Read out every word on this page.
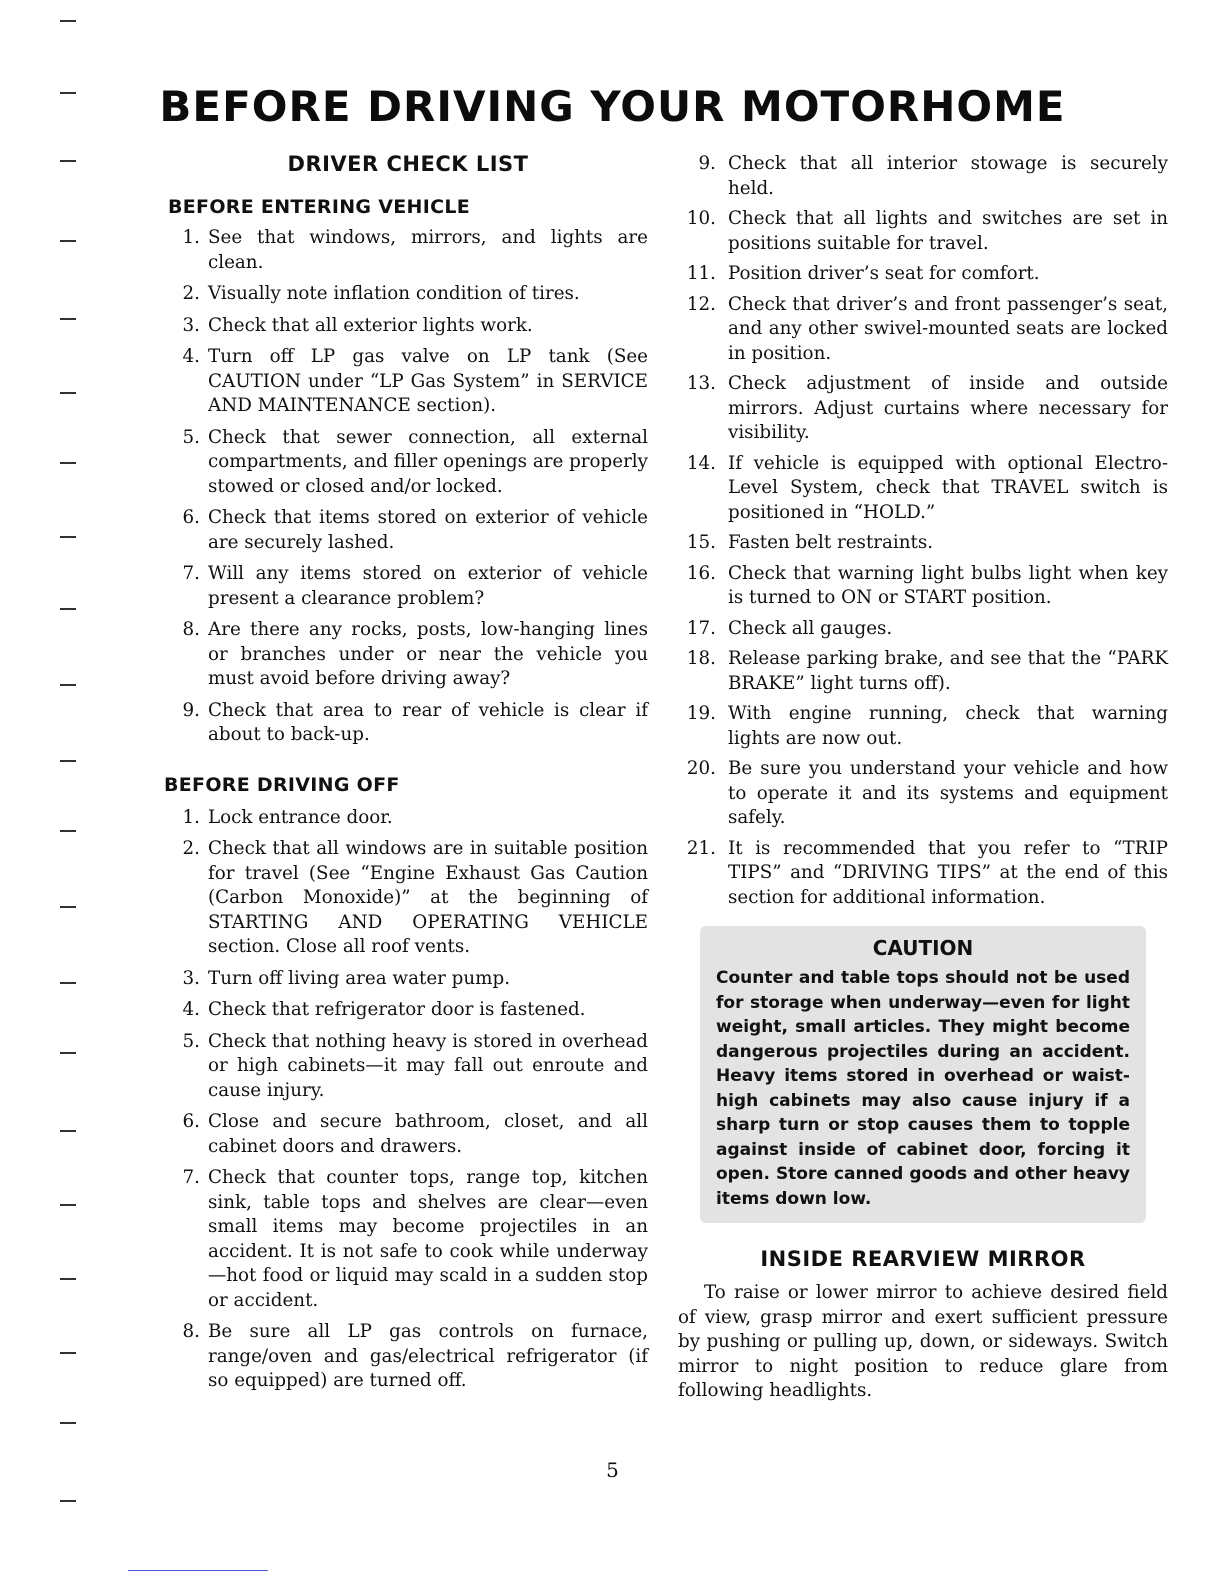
BEFORE DRIVING YOUR MOTORHOME
DRIVER CHECK LIST
BEFORE ENTERING VEHICLE
1. See that windows, mirrors, and lights are clean.
2. Visually note inflation condition of tires.
3. Check that all exterior lights work.
4. Turn off LP gas valve on LP tank (See CAUTION under “LP Gas System” in SERVICE AND MAINTENANCE section).
5. Check that sewer connection, all external compartments, and filler openings are properly stowed or closed and/or locked.
6. Check that items stored on exterior of vehicle are securely lashed.
7. Will any items stored on exterior of vehicle present a clearance problem?
8. Are there any rocks, posts, low-hanging lines or branches under or near the vehicle you must avoid before driving away?
9. Check that area to rear of vehicle is clear if about to back-up.
BEFORE DRIVING OFF
1. Lock entrance door.
2. Check that all windows are in suitable position for travel (See “Engine Exhaust Gas Caution (Carbon Monoxide)” at the beginning of STARTING AND OPERATING VEHICLE section. Close all roof vents.
3. Turn off living area water pump.
4. Check that refrigerator door is fastened.
5. Check that nothing heavy is stored in overhead or high cabinets—it may fall out enroute and cause injury.
6. Close and secure bathroom, closet, and all cabinet doors and drawers.
7. Check that counter tops, range top, kitchen sink, table tops and shelves are clear—even small items may become projectiles in an accident. It is not safe to cook while underway—hot food or liquid may scald in a sudden stop or accident.
8. Be sure all LP gas controls on furnace, range/oven and gas/electrical refrigerator (if so equipped) are turned off.
9. Check that all interior stowage is securely held.
10. Check that all lights and switches are set in positions suitable for travel.
11. Position driver’s seat for comfort.
12. Check that driver’s and front passenger’s seat, and any other swivel-mounted seats are locked in position.
13. Check adjustment of inside and outside mirrors. Adjust curtains where necessary for visibility.
14. If vehicle is equipped with optional Electro-Level System, check that TRAVEL switch is positioned in “HOLD.”
15. Fasten belt restraints.
16. Check that warning light bulbs light when key is turned to ON or START position.
17. Check all gauges.
18. Release parking brake, and see that the “PARK BRAKE” light turns off).
19. With engine running, check that warning lights are now out.
20. Be sure you understand your vehicle and how to operate it and its systems and equipment safely.
21. It is recommended that you refer to “TRIP TIPS” and “DRIVING TIPS” at the end of this section for additional information.
CAUTION
Counter and table tops should not be used for storage when underway—even for light weight, small articles. They might become dangerous projectiles during an accident. Heavy items stored in overhead or waist-high cabinets may also cause injury if a sharp turn or stop causes them to topple against inside of cabinet door, forcing it open. Store canned goods and other heavy items down low.
INSIDE REARVIEW MIRROR

To raise or lower mirror to achieve desired field of view, grasp mirror and exert sufficient pressure by pushing or pulling up, down, or sideways. Switch mirror to night position to reduce glare from following headlights.

5
